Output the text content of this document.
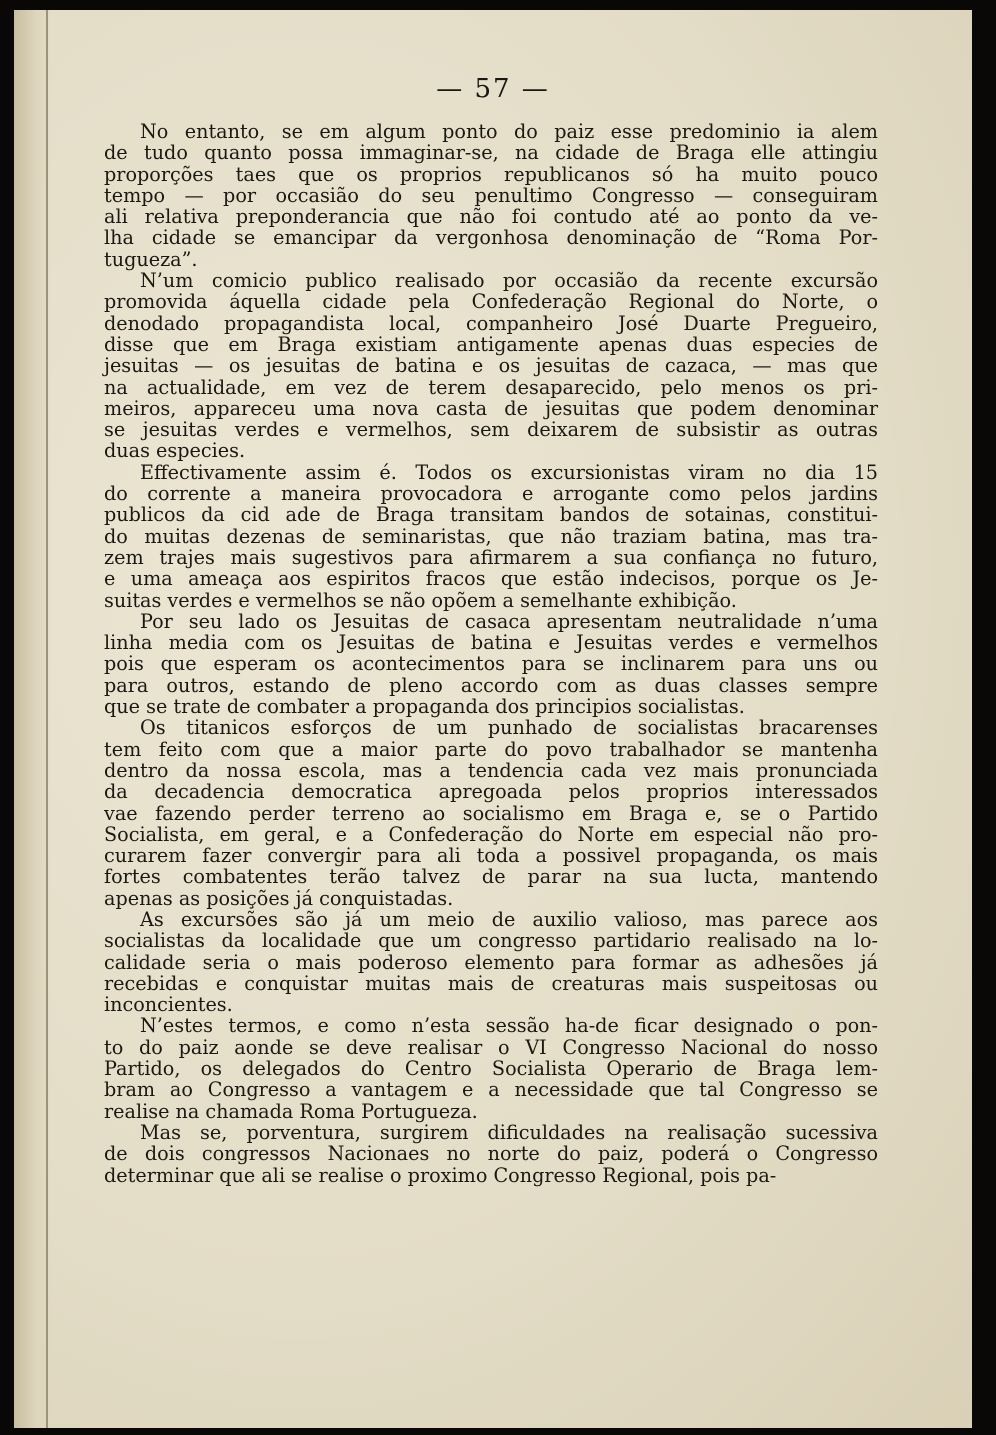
— 57 —
No entanto, se em algum ponto do paiz esse predominio ia alem
de tudo quanto possa immaginar-se, na cidade de Braga elle attingiu
proporções taes que os proprios republicanos só ha muito pouco
tempo — por occasião do seu penultimo Congresso — conseguiram
ali relativa preponderancia que não foi contudo até ao ponto da ve-
lha cidade se emancipar da vergonhosa denominação de “Roma Por-
tugueza”.
N’um comicio publico realisado por occasião da recente excursão
promovida áquella cidade pela Confederação Regional do Norte, o
denodado propagandista local, companheiro José Duarte Pregueiro,
disse que em Braga existiam antigamente apenas duas especies de
jesuitas — os jesuitas de batina e os jesuitas de cazaca, — mas que
na actualidade, em vez de terem desaparecido, pelo menos os pri-
meiros, appareceu uma nova casta de jesuitas que podem denominar
se jesuitas verdes e vermelhos, sem deixarem de subsistir as outras
duas especies.
Effectivamente assim é. Todos os excursionistas viram no dia 15
do corrente a maneira provocadora e arrogante como pelos jardins
publicos da cid ade de Braga transitam bandos de sotainas, constitui-
do muitas dezenas de seminaristas, que não traziam batina, mas tra-
zem trajes mais sugestivos para afirmarem a sua confiança no futuro,
e uma ameaça aos espiritos fracos que estão indecisos, porque os Je-
suitas verdes e vermelhos se não opõem a semelhante exhibição.
Por seu lado os Jesuitas de casaca apresentam neutralidade n’uma
linha media com os Jesuitas de batina e Jesuitas verdes e vermelhos
pois que esperam os acontecimentos para se inclinarem para uns ou
para outros, estando de pleno accordo com as duas classes sempre
que se trate de combater a propaganda dos principios socialistas.
Os titanicos esforços de um punhado de socialistas bracarenses
tem feito com que a maior parte do povo trabalhador se mantenha
dentro da nossa escola, mas a tendencia cada vez mais pronunciada
da decadencia democratica apregoada pelos proprios interessados
vae fazendo perder terreno ao socialismo em Braga e, se o Partido
Socialista, em geral, e a Confederação do Norte em especial não pro-
curarem fazer convergir para ali toda a possivel propaganda, os mais
fortes combatentes terão talvez de parar na sua lucta, mantendo
apenas as posições já conquistadas.
As excursões são já um meio de auxilio valioso, mas parece aos
socialistas da localidade que um congresso partidario realisado na lo-
calidade seria o mais poderoso elemento para formar as adhesões já
recebidas e conquistar muitas mais de creaturas mais suspeitosas ou
inconcientes.
N’estes termos, e como n’esta sessão ha-de ficar designado o pon-
to do paiz aonde se deve realisar o VI Congresso Nacional do nosso
Partido, os delegados do Centro Socialista Operario de Braga lem-
bram ao Congresso a vantagem e a necessidade que tal Congresso se
realise na chamada Roma Portugueza.
Mas se, porventura, surgirem dificuldades na realisação sucessiva
de dois congressos Nacionaes no norte do paiz, poderá o Congresso
determinar que ali se realise o proximo Congresso Regional, pois pa-
